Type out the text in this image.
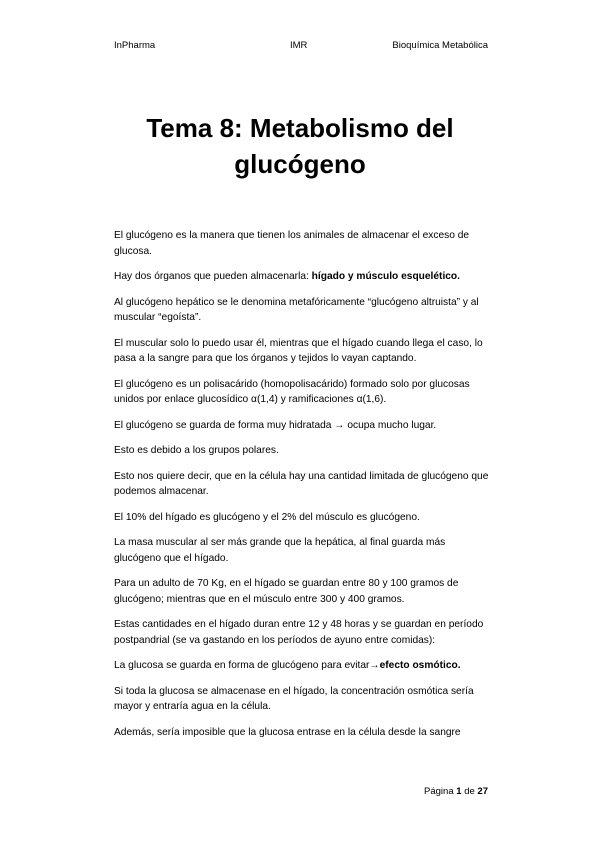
InPharma	IMR	Bioquímica Metabólica
Tema 8: Metabolismo del
glucógeno

El glucógeno es la manera que tienen los animales de almacenar el exceso de glucosa.

Hay dos órganos que pueden almacenarla: hígado y músculo esquelético.

Al glucógeno hepático se le denomina metafóricamente “glucógeno altruista” y al muscular “egoísta”.

El muscular solo lo puedo usar él, mientras que el hígado cuando llega el caso, lo pasa a la sangre para que los órganos y tejidos lo vayan captando.

El glucógeno es un polisacárido (homopolisacárido) formado solo por glucosas unidos por enlace glucosídico α(1,4) y ramificaciones α(1,6).

El glucógeno se guarda de forma muy hidratada → ocupa mucho lugar.

Esto es debido a los grupos polares.

Esto nos quiere decir, que en la célula hay una cantidad limitada de glucógeno que podemos almacenar.

El 10% del hígado es glucógeno y el 2% del músculo es glucógeno.

La masa muscular al ser más grande que la hepática, al final guarda más glucógeno que el hígado.

Para un adulto de 70 Kg, en el hígado se guardan entre 80 y 100 gramos de glucógeno; mientras que en el músculo entre 300 y 400 gramos.

Estas cantidades en el hígado duran entre 12 y 48 horas y se guardan en período postpandrial (se va gastando en los períodos de ayuno entre comidas):

La glucosa se guarda en forma de glucógeno para evitar→efecto osmótico.

Si toda la glucosa se almacenase en el hígado, la concentración osmótica sería mayor y entraría agua en la célula.

Además, sería imposible que la glucosa entrase en la célula desde la sangre

Página 1 de 27
